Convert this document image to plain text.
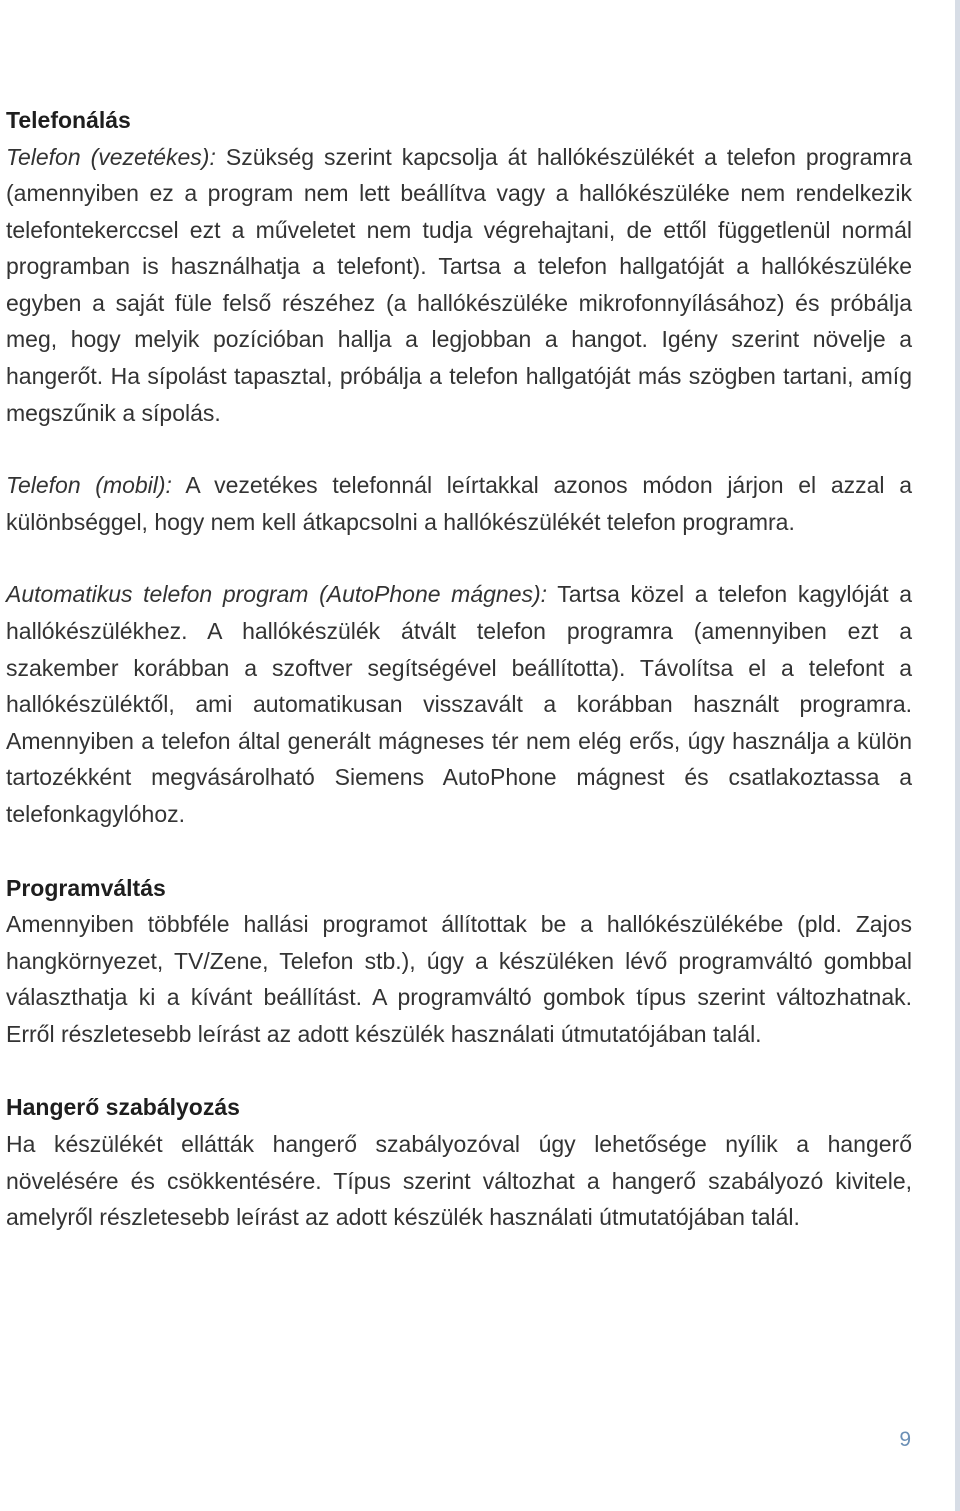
Telefonálás

Telefon (vezetékes): Szükség szerint kapcsolja át hallókészülékét a telefon programra (amennyiben ez a program nem lett beállítva vagy a hallókészüléke nem rendelkezik telefontekerccsel ezt a műveletet nem tudja végrehajtani, de ettől függetlenül normál programban is használhatja a telefont). Tartsa a telefon hallgatóját a hallókészüléke egyben a saját füle felső részéhez (a hallókészüléke mikrofonnyílásához) és próbálja meg, hogy melyik pozícióban hallja a legjobban a hangot. Igény szerint növelje a hangerőt. Ha sípolást tapasztal, próbálja a telefon hallgatóját más szögben tartani, amíg megszűnik a sípolás.

Telefon (mobil): A vezetékes telefonnál leírtakkal azonos módon járjon el azzal a különbséggel, hogy nem kell átkapcsolni a hallókészülékét telefon programra.

Automatikus telefon program (AutoPhone mágnes): Tartsa közel a telefon kagylóját a hallókészülékhez. A hallókészülék átvált telefon programra (amennyiben ezt a szakember korábban a szoftver segítségével beállította). Távolítsa el a telefont a hallókészüléktől, ami automatikusan visszavált a korábban használt programra. Amennyiben a telefon által generált mágneses tér nem elég erős, úgy használja a külön tartozékként megvásárolható Siemens AutoPhone mágnest és csatlakoztassa a telefonkagylóhoz.

Programváltás

Amennyiben többféle hallási programot állítottak be a hallókészülékébe (pld. Zajos hangkörnyezet, TV/Zene, Telefon stb.), úgy a készüléken lévő programváltó gombbal választhatja ki a kívánt beállítást. A programváltó gombok típus szerint változhatnak. Erről részletesebb leírást az adott készülék használati útmutatójában talál.

Hangerő szabályozás

Ha készülékét ellátták hangerő szabályozóval úgy lehetősége nyílik a hangerő növelésére és csökkentésére. Típus szerint változhat a hangerő szabályozó kivitele, amelyről részletesebb leírást az adott készülék használati útmutatójában talál.

9
